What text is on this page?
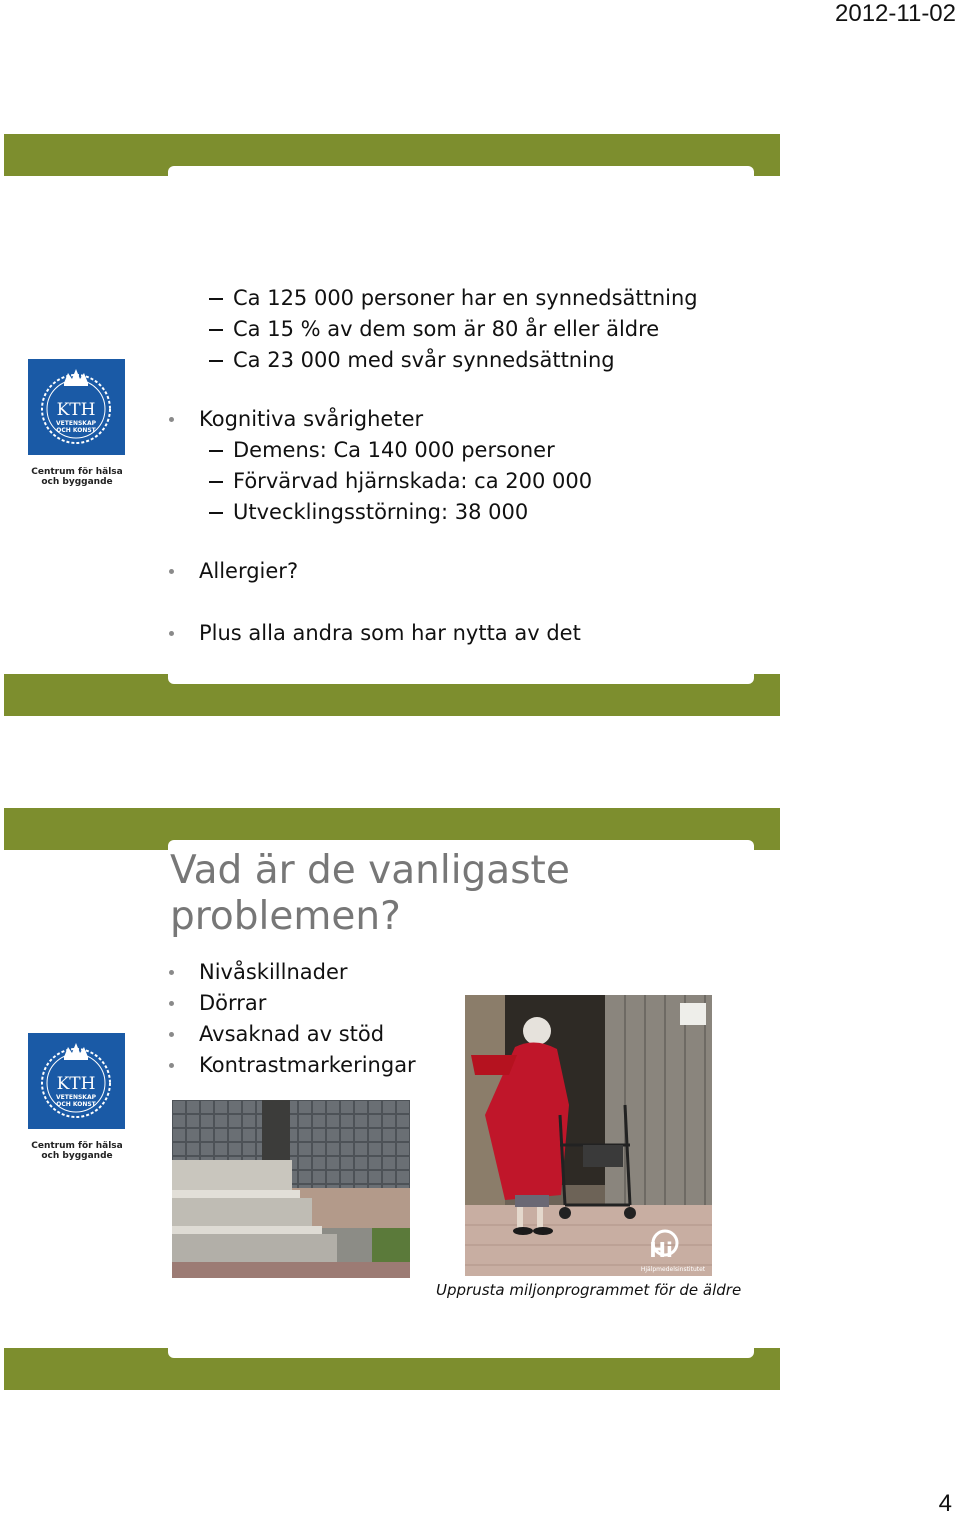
2012-11-02
KTH
VETENSKAP
OCH KONST
Centrum för hälsa
och byggande
Ca 125 000 personer har en synnedsättning
Ca 15 % av dem som är 80 år eller äldre
Ca 23 000 med svår synnedsättning
Kognitiva svårigheter
Demens: Ca 140 000 personer
Förvärvad hjärnskada: ca 200 000
Utvecklingsstörning: 38 000
Allergier?
Plus alla andra som har nytta av det
Vad är de vanligaste
problemen?
Nivåskillnader
Dörrar
Avsaknad av stöd
Kontrastmarkeringar
KTH
VETENSKAP
OCH KONST
Centrum för hälsa
och byggande
Hi
Hjälpmedelsinstitutet
Upprusta miljonprogrammet för de äldre
4
